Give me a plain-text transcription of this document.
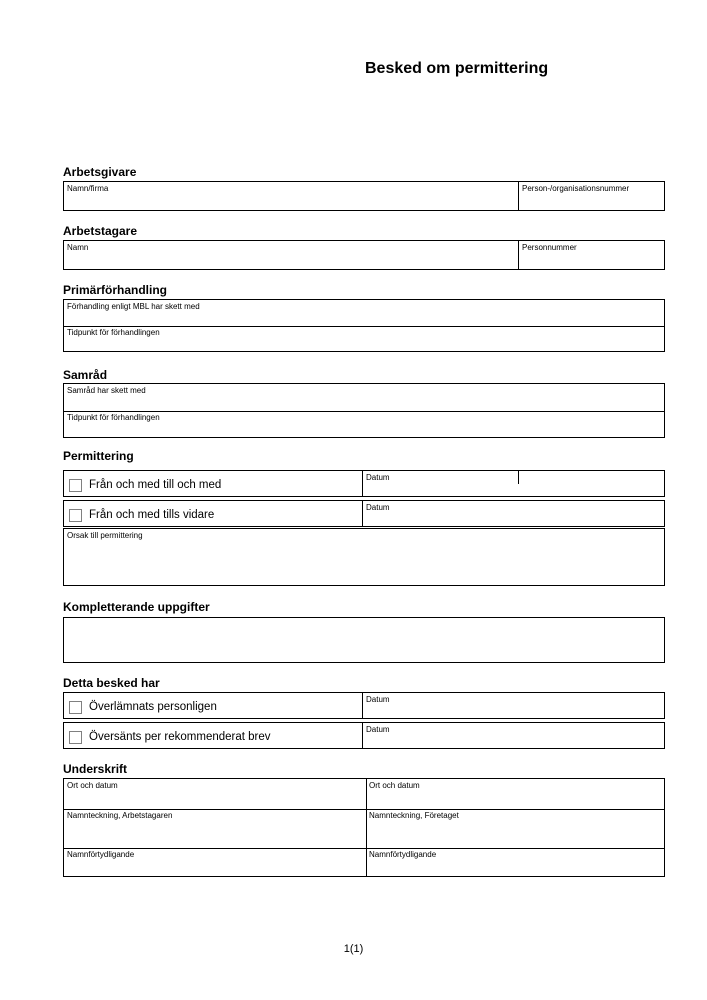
Besked om permittering
Arbetsgivare
Namn/firma	Person-/organisationsnummer
Arbetstagare
Namn	Personnummer
Primärförhandling
Förhandling enligt MBL har skett med
Tidpunkt för förhandlingen
Samråd
Samråd har skett med
Tidpunkt för förhandlingen
Permittering
Från och med till och med
Datum
Från och med tills vidare
Datum
Orsak till permittering
Kompletterande uppgifter
Detta besked har
Överlämnats personligen
Datum
Översänts per rekommenderat brev
Datum
Underskrift
Ort och datum	Ort och datum
Namnteckning, Arbetstagaren	Namnteckning, Företaget
Namnförtydligande	Namnförtydligande
1(1)
